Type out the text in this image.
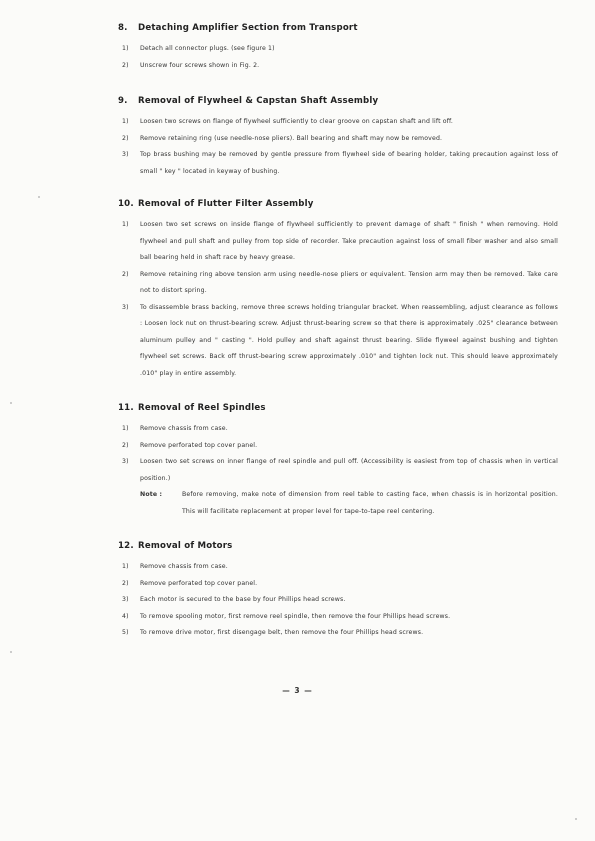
8. Detaching Amplifier Section from Transport
1)	Detach all connector plugs. (see figure 1)
2)	Unscrew four screws shown in Fig. 2.
9. Removal of Flywheel & Capstan Shaft Assembly
1)	Loosen two screws on flange of flywheel sufficiently to clear groove on capstan shaft and lift off.
2)	Remove retaining ring (use needle-nose pliers). Ball bearing and shaft may now be removed.
3)	Top brass bushing may be removed by gentle pressure from flywheel side of bearing holder, taking precaution against loss of small " key " located in keyway of bushing.
10. Removal of Flutter Filter Assembly
1)	Loosen two set screws on inside flange of flywheel sufficiently to prevent damage of shaft " finish " when removing. Hold flywheel and pull shaft and pulley from top side of recorder. Take precaution against loss of small fiber washer and also small ball bearing held in shaft race by heavy grease.
2)	Remove retaining ring above tension arm using needle-nose pliers or equivalent. Tension arm may then be removed. Take care not to distort spring.
3)	To disassemble brass backing, remove three screws holding triangular bracket. When reassembling, adjust clearance as follows : Loosen lock nut on thrust-bearing screw. Adjust thrust-bearing screw so that there is approximately .025" clearance between aluminum pulley and " casting ". Hold pulley and shaft against thrust bearing. Slide flyweel against bushing and tighten flywheel set screws. Back off thrust-bearing screw approximately .010" and tighten lock nut. This should leave approximately .010" play in entire assembly.
11. Removal of Reel Spindles
1)	Remove chassis from case.
2)	Remove perforated top cover panel.
3)	Loosen two set screws on inner flange of reel spindle and pull off. (Accessibility is easiest from top of chassis when in vertical position.)
Note :	Before removing, make note of dimension from reel table to casting face, when chassis is in horizontal position. This will facilitate replacement at proper level for tape-to-tape reel centering.
12. Removal of Motors
1)	Remove chassis from case.
2)	Remove perforated top cover panel.
3)	Each motor is secured to the base by four Phillips head screws.
4)	To remove spooling motor, first remove reel spindle, then remove the four Phillips head screws.
5)	To remove drive motor, first disengage belt, then remove the four Phillips head screws.
— 3 —
